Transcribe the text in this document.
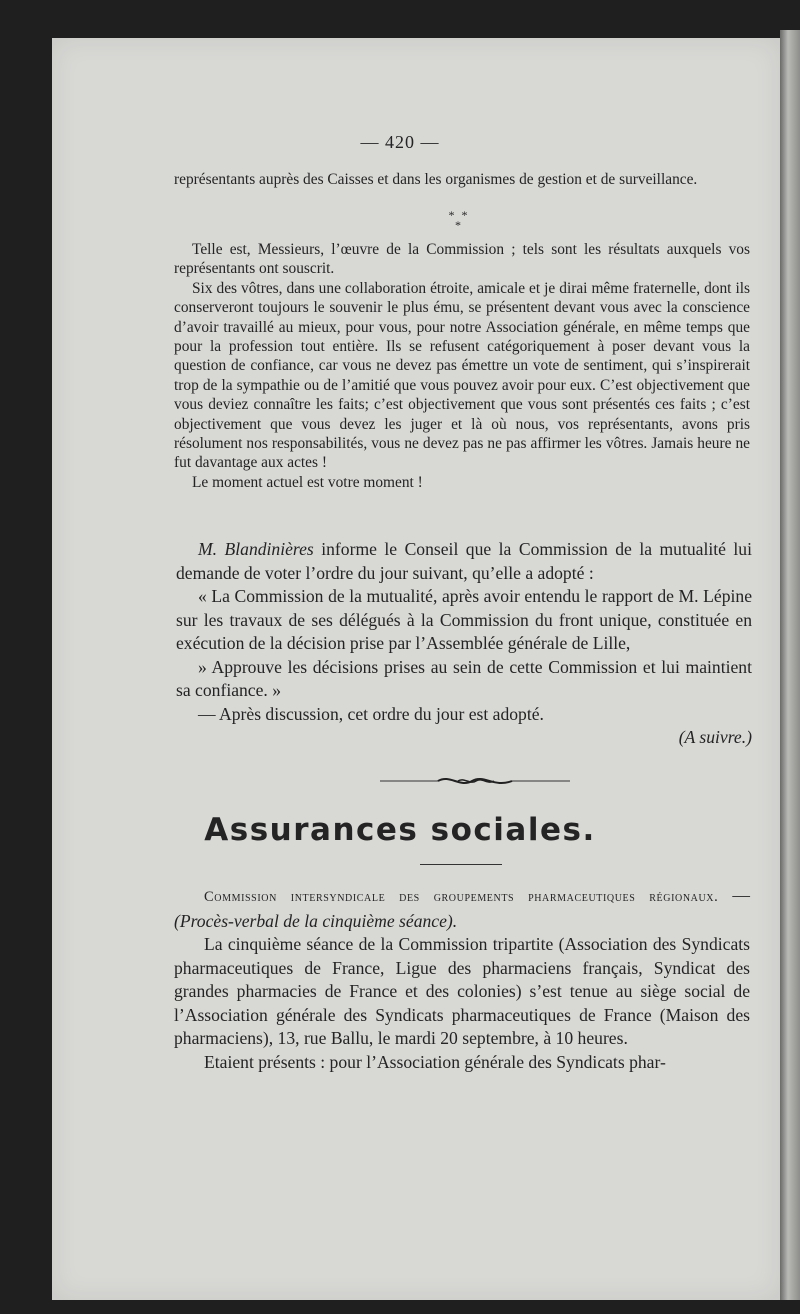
— 420 —
représentants auprès des Caisses et dans les organismes de gestion et de surveillance.
* * *

Telle est, Messieurs, l’œuvre de la Commission ; tels sont les résultats auxquels vos représentants ont souscrit.

Six des vôtres, dans une collaboration étroite, amicale et je dirai même fraternelle, dont ils conserveront toujours le souvenir le plus ému, se présentent devant vous avec la conscience d’avoir travaillé au mieux, pour vous, pour notre Association générale, en même temps que pour la profession tout entière. Ils se refusent catégoriquement à poser devant vous la question de confiance, car vous ne devez pas émettre un vote de sentiment, qui s’inspirerait trop de la sympathie ou de l’amitié que vous pouvez avoir pour eux. C’est objectivement que vous deviez connaître les faits; c’est objectivement que vous sont présentés ces faits ; c’est objectivement que vous devez les juger et là où nous, vos représentants, avons pris résolument nos responsabilités, vous ne devez pas ne pas affirmer les vôtres. Jamais heure ne fut davantage aux actes !

Le moment actuel est votre moment !

M. Blandinières informe le Conseil que la Commission de la mutualité lui demande de voter l’ordre du jour suivant, qu’elle a adopté :

« La Commission de la mutualité, après avoir entendu le rapport de M. Lépine sur les travaux de ses délégués à la Commission du front unique, constituée en exécution de la décision prise par l’Assemblée générale de Lille,

» Approuve les décisions prises au sein de cette Commission et lui maintient sa confiance. »

— Après discussion, cet ordre du jour est adopté.

(A suivre.)

Assurances sociales.

Commission intersyndicale des groupements pharmaceutiques régionaux. — (Procès-verbal de la cinquième séance).

La cinquième séance de la Commission tripartite (Association des Syndicats pharmaceutiques de France, Ligue des pharmaciens français, Syndicat des grandes pharmacies de France et des colonies) s’est tenue au siège social de l’Association générale des Syndicats pharmaceutiques de France (Maison des pharmaciens), 13, rue Ballu, le mardi 20 septembre, à 10 heures.

Etaient présents : pour l’Association générale des Syndicats phar-
